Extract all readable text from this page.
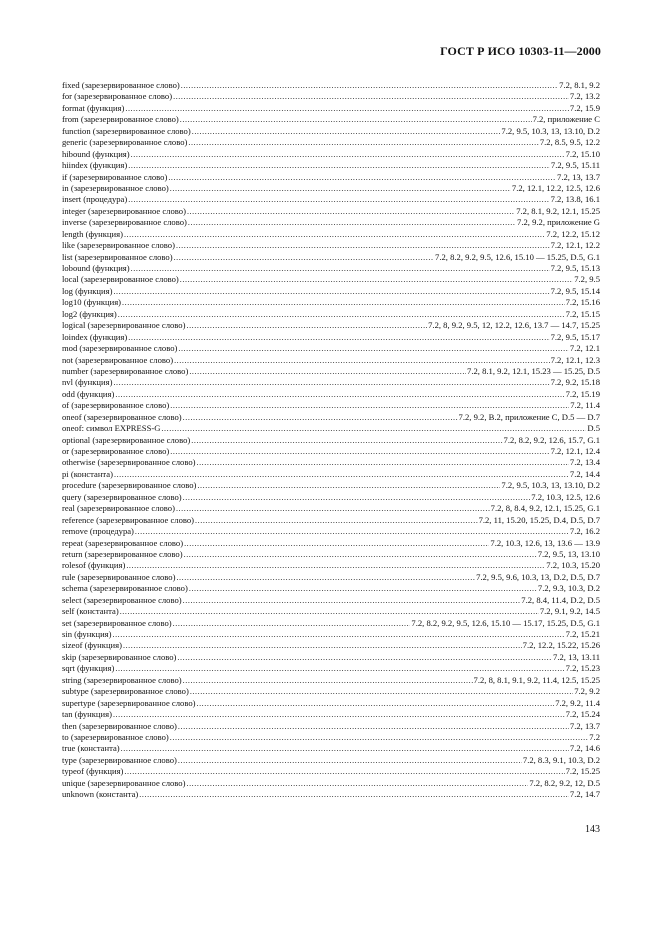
ГОСТ Р ИСО 10303-11—2000
fixed (зарезервированное слово) .....	7.2, 8.1, 9.2
for (зарезервированное слово) .....	7.2, 13.2
format (функция) .....	7.2, 15.9
from (зарезервированное слово) .....	7.2, приложение C
function (зарезервированное слово) .....	7.2, 9.5, 10.3, 13, 13.10, D.2
generic (зарезервированное слово) .....	7.2, 8.5, 9.5, 12.2
hibound (функция) .....	7.2, 15.10
hiindex (функция) .....	7.2, 9.5, 15.11
if (зарезервированное слово) .....	7.2, 13, 13.7
in (зарезервированное слово) .....	7.2, 12.1, 12.2, 12.5, 12.6
insert (процедура) .....	7.2, 13.8, 16.1
integer (зарезервированное слово) .....	7.2, 8.1, 9.2, 12.1, 15.25
inverse (зарезервированное слово) .....	7.2, 9.2, приложение G
length (функция) .....	7.2, 12.2, 15.12
like (зарезервированное слово) .....	7.2, 12.1, 12.2
list (зарезервированное слово) .....	7.2, 8.2, 9.2, 9.5, 12.6, 15.10 — 15.25, D.5, G.1
lobound (функция) .....	7.2, 9.5, 15.13
local (зарезервированное слово) .....	7.2, 9.5
log (функция) .....	7.2, 9.5, 15.14
log10 (функция) .....	7.2, 15.16
log2 (функция) .....	7.2, 15.15
logical (зарезервированное слово) .....	7.2, 8, 9.2, 9.5, 12, 12.2, 12.6, 13.7 — 14.7, 15.25
loindex (функция) .....	7.2, 9.5, 15.17
mod (зарезервированное слово) .....	7.2, 12.1
not (зарезервированное слово) .....	7.2, 12.1, 12.3
number (зарезервированное слово) .....	7.2, 8.1, 9.2, 12.1, 15.23 — 15.25, D.5
nvl (функция) .....	7.2, 9.2, 15.18
odd (функция) .....	7.2, 15.19
of (зарезервированное слово) .....	7.2, 11.4
oneof (зарезервированное слово) .....	7.2, 9.2, B.2, приложение C, D.5 — D.7
oneof: символ EXPRESS-G .....	D.5
optional (зарезервированное слово) .....	7.2, 8.2, 9.2, 12.6, 15.7, G.1
or (зарезервированное слово) .....	7.2, 12.1, 12.4
otherwise (зарезервированное слово) .....	7.2, 13.4
pi (константа) .....	7.2, 14.4
procedure (зарезервированное слово) .....	7.2, 9.5, 10.3, 13, 13.10, D.2
query (зарезервированное слово) .....	7.2, 10.3, 12.5, 12.6
real (зарезервированное слово) .....	7.2, 8, 8.4, 9.2, 12.1, 15.25, G.1
reference (зарезервированное слово) .....	7.2, 11, 15.20, 15.25, D.4, D.5, D.7
remove (процедура) .....	7.2, 16.2
repeat (зарезервированное слово) .....	7.2, 10.3, 12.6, 13, 13.6 — 13.9
return (зарезервированное слово) .....	7.2, 9.5, 13, 13.10
rolesof (функция) .....	7.2, 10.3, 15.20
rule (зарезервированное слово) .....	7.2, 9.5, 9.6, 10.3, 13, D.2, D.5, D.7
schema (зарезервированное слово) .....	7.2, 9.3, 10.3, D.2
select (зарезервированное слово) .....	7.2, 8.4, 11.4, D.2, D.5
self (константа) .....	7.2, 9.1, 9.2, 14.5
set (зарезервированное слово) .....	7.2, 8.2, 9.2, 9.5, 12.6, 15.10 — 15.17, 15.25, D.5, G.1
sin (функция) .....	7.2, 15.21
sizeof (функция) .....	7.2, 12.2, 15.22, 15.26
skip (зарезервированное слово) .....	7.2, 13, 13.11
sqrt (функция) .....	7.2, 15.23
string (зарезервированное слово) .....	7.2, 8, 8.1, 9.1, 9.2, 11.4, 12.5, 15.25
subtype (зарезервированное слово) .....	7.2, 9.2
supertype (зарезервированное слово) .....	7.2, 9.2, 11.4
tan (функция) .....	7.2, 15.24
then (зарезервированное слово) .....	7.2, 13.7
to (зарезервированное слово) .....	7.2
true (константа) .....	7.2, 14.6
type (зарезервированное слово) .....	7.2, 8.3, 9.1, 10.3, D.2
typeof (функция) .....	7.2, 15.25
unique (зарезервированное слово) .....	7.2, 8.2, 9.2, 12, D.5
unknown (константа) .....	7.2, 14.7
143
